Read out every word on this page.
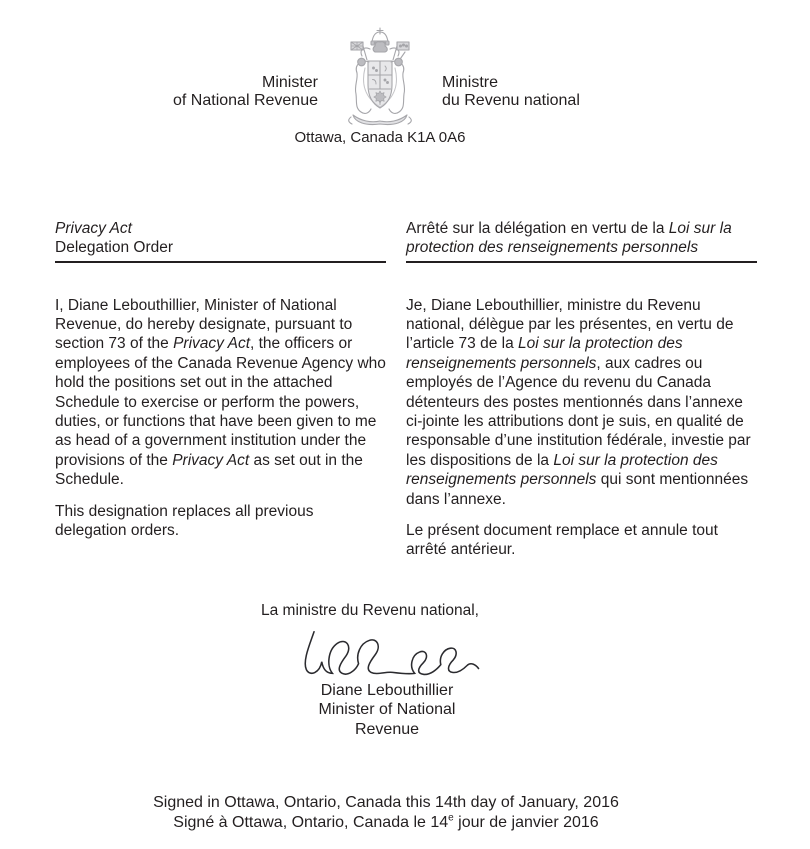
Minister
of National Revenue
Ministre
du Revenu national
Ottawa, Canada K1A 0A6
Privacy Act
Delegation Order

I, Diane Lebouthillier, Minister of National Revenue, do hereby designate, pursuant to section 73 of the Privacy Act, the officers or employees of the Canada Revenue Agency who hold the positions set out in the attached Schedule to exercise or perform the powers, duties, or functions that have been given to me as head of a government institution under the provisions of the Privacy Act as set out in the Schedule.

This designation replaces all previous delegation orders.

Arrêté sur la délégation en vertu de la Loi sur la protection des renseignements personnels

Je, Diane Lebouthillier, ministre du Revenu national, délègue par les présentes, en vertu de l’article 73 de la Loi sur la protection des renseignements personnels, aux cadres ou employés de l’Agence du revenu du Canada détenteurs des postes mentionnés dans l’annexe ci-jointe les attributions dont je suis, en qualité de responsable d’une institution fédérale, investie par les dispositions de la Loi sur la protection des renseignements personnels qui sont mentionnées dans l’annexe.

Le présent document remplace et annule tout arrêté antérieur.

La ministre du Revenu national,
Diane Lebouthillier
Minister of National
Revenue
Signed in Ottawa, Ontario, Canada this 14th day of January, 2016
Signé à Ottawa, Ontario, Canada le 14e jour de janvier 2016
